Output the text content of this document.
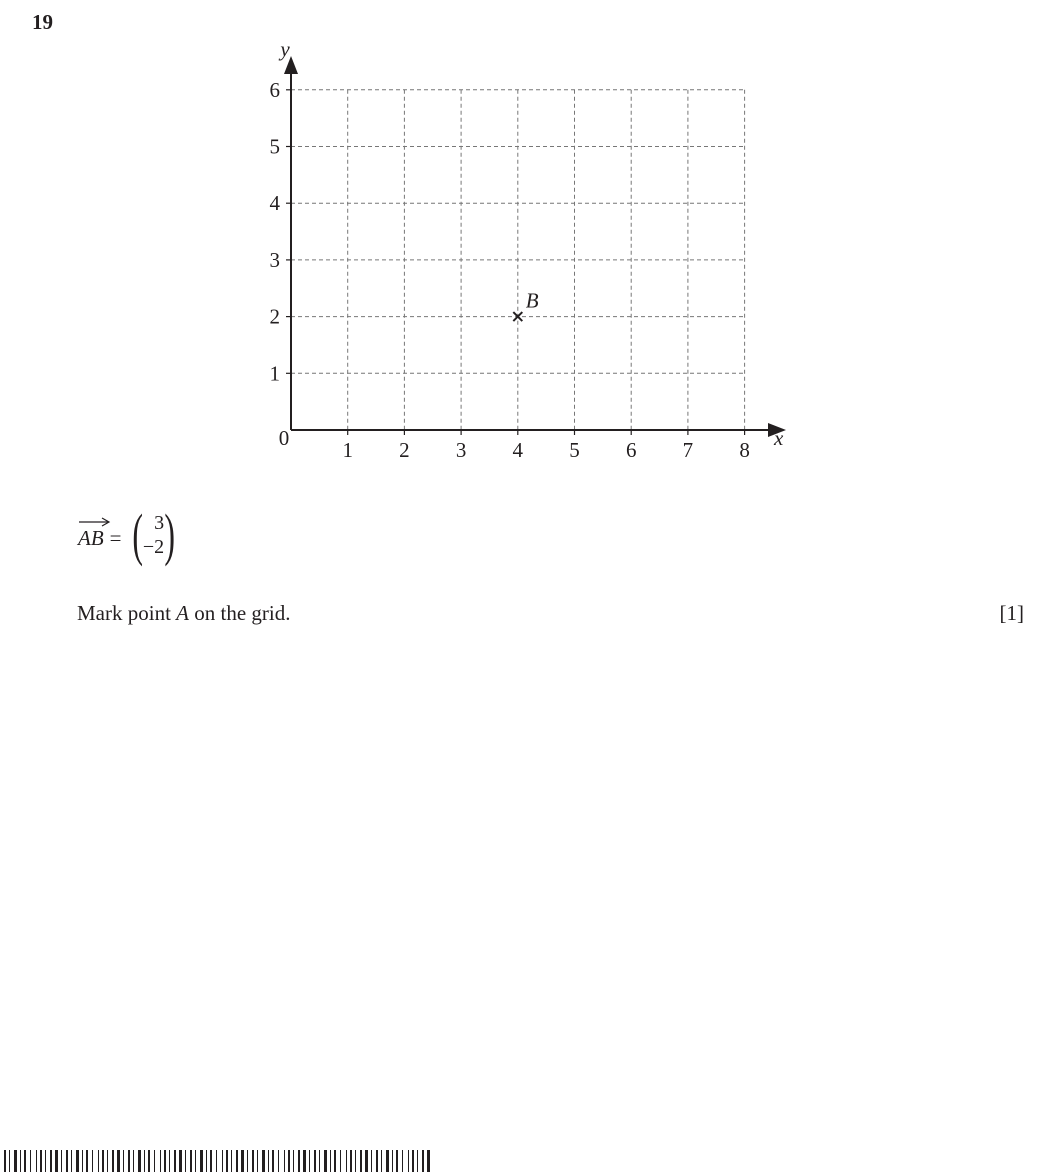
19
1 2 3 4 5 6 7 8
1
2
3
4
5
6
0	x
y
B
AB = ( 3
−2 )
Mark point A on the grid.	[1]
